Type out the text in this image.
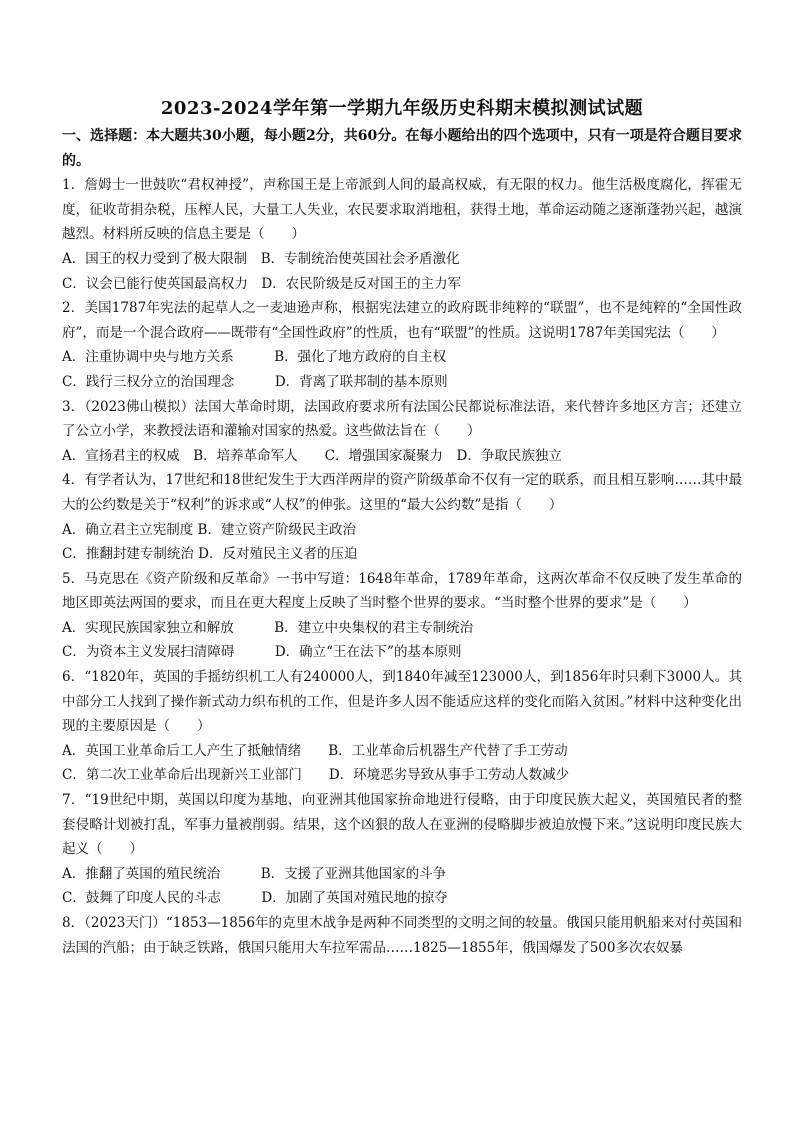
2023-2024学年第一学期九年级历史科期末模拟测试试题

一、选择题：本大题共30小题，每小题2分，共60分。在每小题给出的四个选项中，只有一项是符合题目要求的。

1．詹姆士一世鼓吹“君权神授”，声称国王是上帝派到人间的最高权威，有无限的权力。他生活极度腐化，挥霍无度，征收苛捐杂税，压榨人民，大量工人失业，农民要求取消地租，获得土地，革命运动随之逐渐蓬勃兴起，越演越烈。材料所反映的信息主要是（　　）

A．国王的权力受到了极大限制　B．专制统治使英国社会矛盾激化

C．议会已能行使英国最高权力　D．农民阶级是反对国王的主力军

2．美国1787年宪法的起草人之一麦迪逊声称，根据宪法建立的政府既非纯粹的“联盟”，也不是纯粹的“全国性政府”，而是一个混合政府——既带有“全国性政府”的性质，也有“联盟”的性质。这说明1787年美国宪法（　　）

A．注重协调中央与地方关系　　　B．强化了地方政府的自主权

C．践行三权分立的治国理念　　　D．背离了联邦制的基本原则

3．（2023佛山模拟）法国大革命时期，法国政府要求所有法国公民都说标准法语，来代替许多地区方言；还建立了公立小学，来教授法语和灌输对国家的热爱。这些做法旨在（　　）

A．宣扬君主的权威　B．培养革命军人　　C．增强国家凝聚力　D．争取民族独立

4．有学者认为，17世纪和18世纪发生于大西洋两岸的资产阶级革命不仅有一定的联系，而且相互影响……其中最大的公约数是关于“权利”的诉求或“人权”的伸张。这里的“最大公约数”是指（　　）

A．确立君主立宪制度 B．建立资产阶级民主政治

C．推翻封建专制统治 D．反对殖民主义者的压迫

5．马克思在《资产阶级和反革命》一书中写道：1648年革命，1789年革命，这两次革命不仅反映了发生革命的地区即英法两国的要求，而且在更大程度上反映了当时整个世界的要求。“当时整个世界的要求”是（　　）

A．实现民族国家独立和解放　　　B．建立中央集权的君主专制统治

C．为资本主义发展扫清障碍　　　D．确立“王在法下”的基本原则

6．“1820年，英国的手摇纺织机工人有240000人，到1840年减至123000人，到1856年时只剩下3000人。其中部分工人找到了操作新式动力织布机的工作，但是许多人因不能适应这样的变化而陷入贫困。”材料中这种变化出现的主要原因是（　　）

A．英国工业革命后工人产生了抵触情绪　　B．工业革命后机器生产代替了手工劳动

C．第二次工业革命后出现新兴工业部门　　D．环境恶劣导致从事手工劳动人数减少

7．“19世纪中期，英国以印度为基地，向亚洲其他国家拚命地进行侵略，由于印度民族大起义，英国殖民者的整套侵略计划被打乱，军事力量被削弱。结果，这个凶狠的敌人在亚洲的侵略脚步被迫放慢下来。”这说明印度民族大起义（　　）

A．推翻了英国的殖民统治　　　B．支援了亚洲其他国家的斗争

C．鼓舞了印度人民的斗志　　　D．加剧了英国对殖民地的掠夺

8．（2023天门）“1853—1856年的克里木战争是两种不同类型的文明之间的较量。俄国只能用帆船来对付英国和法国的汽船；由于缺乏铁路，俄国只能用大车拉军需品……1825—1855年，俄国爆发了500多次农奴暴
